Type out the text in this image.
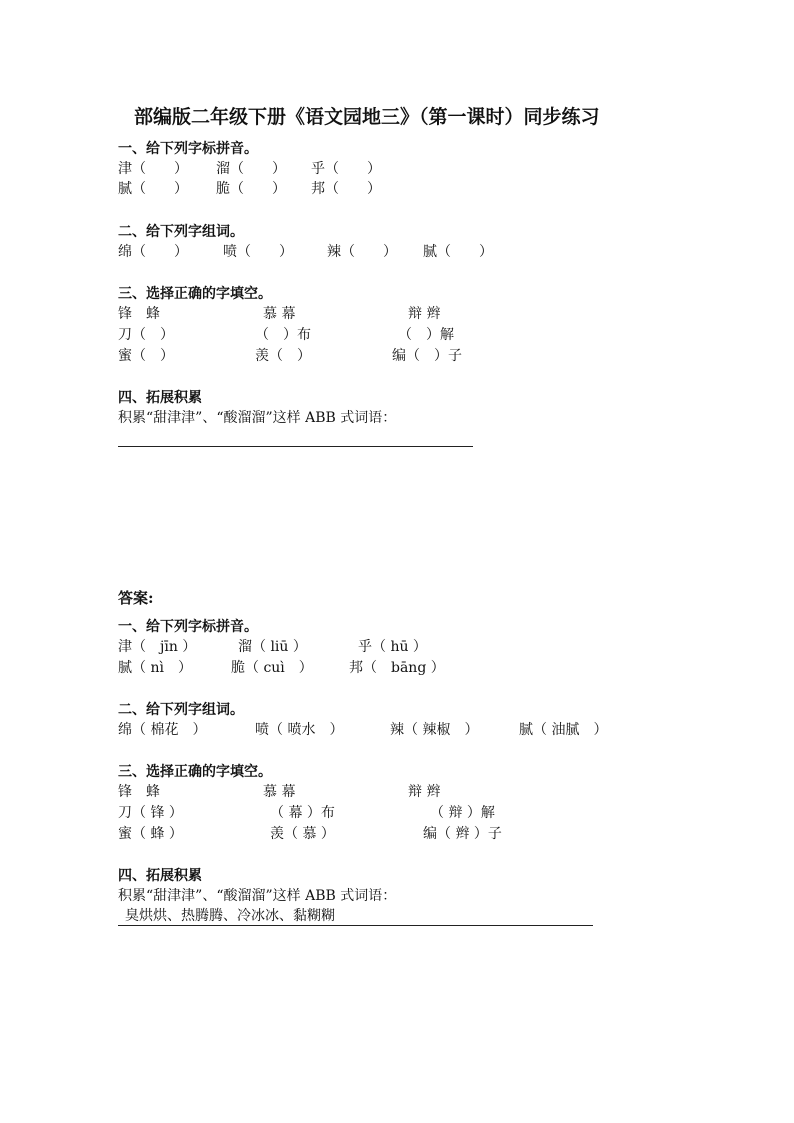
部编版二年级下册《语文园地三》（第一课时）同步练习
一、给下列字标拼音。
津（　　） 溜（　　） 乎（　　）
腻（　　） 脆（　　） 邦（　　）
二、给下列字组词。
绵（　　）	喷（　　） 辣（　　） 腻（　　）
三、选择正确的字填空。
锋　蜂	慕 幕	辩 辫
刀（　）	（　）布	（　）解
蜜（　）	羡（　）	编（　）子
四、拓展积累
积累“甜津津”、“酸溜溜”这样 ABB 式词语：
答案:
一、给下列字标拼音。
津（　jīn ）	溜（ liū ）	乎（ hū ）
腻（ nì　）	脆（ cuì　）	邦（　bāng ）
二、给下列字组词。
绵（ 棉花　）	喷（ 喷水　）	辣（ 辣椒　）	腻（ 油腻　）
三、选择正确的字填空。
锋　蜂	慕 幕	辩 辫
刀（ 锋 ）	（ 幕 ）布	（ 辩 ）解
蜜（ 蜂 ）	羡（ 慕 ）	编（ 辫 ）子
四、拓展积累
积累“甜津津”、“酸溜溜”这样 ABB 式词语：
臭烘烘、热腾腾、冷冰冰、黏糊糊
